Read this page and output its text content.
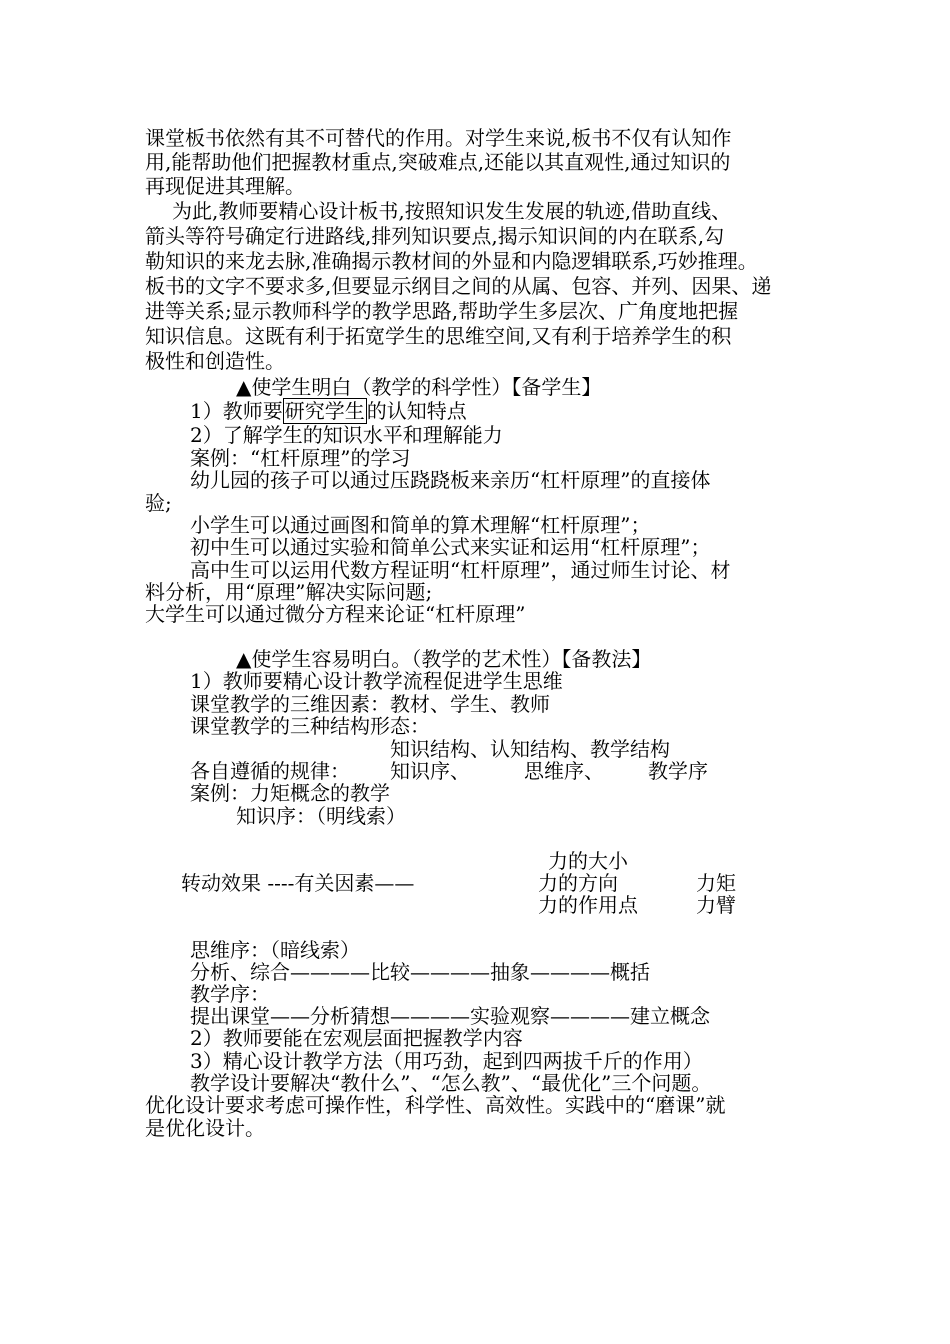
课堂板书依然有其不可替代的作用。对学生来说,板书不仅有认知作
用,能帮助他们把握教材重点,突破难点,还能以其直观性,通过知识的
再现促进其理解。
为此,教师要精心设计板书,按照知识发生发展的轨迹,借助直线、
箭头等符号确定行进路线,排列知识要点,揭示知识间的内在联系,勾
勒知识的来龙去脉,准确揭示教材间的外显和内隐逻辑联系,巧妙推理。
板书的文字不要求多,但要显示纲目之间的从属、包容、并列、因果、递
进等关系;显示教师科学的教学思路,帮助学生多层次、广角度地把握
知识信息。这既有利于拓宽学生的思维空间,又有利于培养学生的积
极性和创造性。
▲使学生明白（教学的科学性）【备学生】
1）教师要 研究学生 的认知特点
2）了解学生的知识水平和理解能力
案例：“杠杆原理”的学习
幼儿园的孩子可以通过压跷跷板来亲历“杠杆原理”的直接体
验;
小学生可以通过画图和简单的算术理解“杠杆原理”；
初中生可以通过实验和简单公式来实证和运用“杠杆原理”；
高中生可以运用代数方程证明“杠杆原理”，通过师生讨论、材
料分析，用“原理”解决实际问题;
大学生可以通过微分方程来论证“杠杆原理”
▲使学生容易明白。（教学的艺术性）【备教法】
1）教师要精心设计教学流程促进学生思维
课堂教学的三维因素：教材、学生、教师
课堂教学的三种结构形态：
知识结构、认知结构、教学结构
各自遵循的规律： 知识序、	思维序、 教学序
案例：力矩概念的教学
知识序：（明线索）
转动效果 ----有关因素——
力的大小
力的方向
力的作用点
力矩
力臂
思维序：（暗线索）
分析、综合————比较————抽象————概括
教学序：
提出课堂——分析猜想————实验观察————建立概念
2）教师要能在宏观层面把握教学内容
3）精心设计教学方法（用巧劲，起到四两拔千斤的作用）
教学设计要解决“教什么”、“怎么教”、“最优化”三个问题。
优化设计要求考虑可操作性，科学性、高效性。实践中的“磨课”就
是优化设计。
